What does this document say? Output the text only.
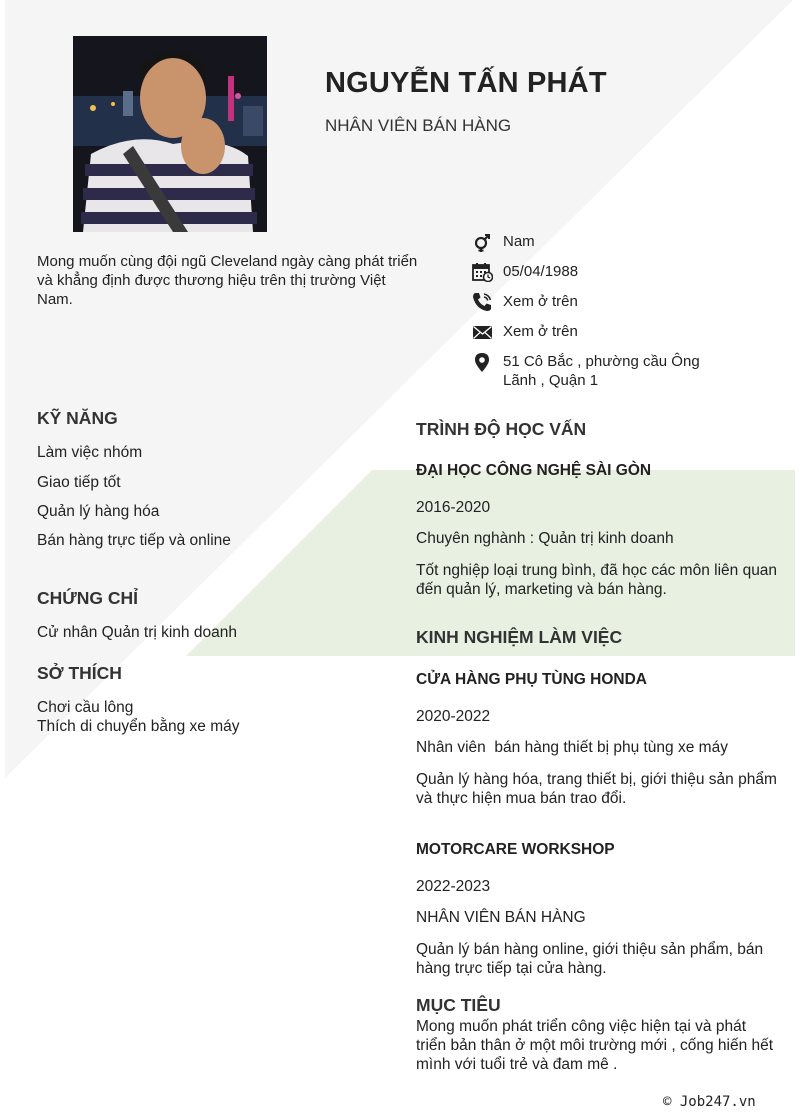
NGUYỄN TẤN PHÁT
NHÂN VIÊN BÁN HÀNG
Mong muốn cùng đội ngũ Cleveland ngày càng phát triển và khẳng định được thương hiệu trên thị trường Việt Nam.
Nam
05/04/1988
Xem ở trên
Xem ở trên
51 Cô Bắc , phường cầu Ông Lãnh , Quận 1
KỸ NĂNG
Làm việc nhóm
Giao tiếp tốt
Quản lý hàng hóa
Bán hàng trực tiếp và online
CHỨNG CHỈ
Cử nhân Quản trị kinh doanh
SỞ THÍCH
Chơi cầu lông
Thích di chuyển bằng xe máy
TRÌNH ĐỘ HỌC VẤN
ĐẠI HỌC CÔNG NGHỆ SÀI GÒN
2016-2020
Chuyên nghành : Quản trị kinh doanh
Tốt nghiệp loại trung bình, đã học các môn liên quan đến quản lý, marketing và bán hàng.
KINH NGHIỆM LÀM VIỆC
CỬA HÀNG PHỤ TÙNG HONDA
2020-2022
Nhân viên  bán hàng thiết bị phụ tùng xe máy
Quản lý hàng hóa, trang thiết bị, giới thiệu sản phẩm và thực hiện mua bán trao đổi.
MOTORCARE WORKSHOP
2022-2023
NHÂN VIÊN BÁN HÀNG
Quản lý bán hàng online, giới thiệu sản phẩm, bán hàng trực tiếp tại cửa hàng.
MỤC TIÊU
Mong muốn phát triển công việc hiện tại và phát triển bản thân ở một môi trường mới , cống hiến hết mình với tuổi trẻ và đam mê .
© Job247.vn
